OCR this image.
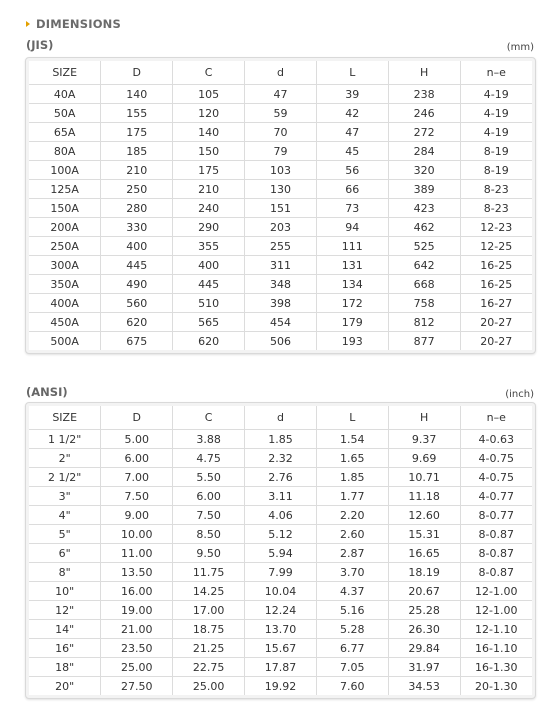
DIMENSIONS
(JIS)	(mm)
SIZE	D	C	d	L	H	n–e
40A	140	105	47	39	238	4-19
50A	155	120	59	42	246	4-19
65A	175	140	70	47	272	4-19
80A	185	150	79	45	284	8-19
100A	210	175	103	56	320	8-19
125A	250	210	130	66	389	8-23
150A	280	240	151	73	423	8-23
200A	330	290	203	94	462	12-23
250A	400	355	255	111	525	12-25
300A	445	400	311	131	642	16-25
350A	490	445	348	134	668	16-25
400A	560	510	398	172	758	16-27
450A	620	565	454	179	812	20-27
500A	675	620	506	193	877	20-27
(ANSI)	(inch)
SIZE	D	C	d	L	H	n–e
1 1/2"	5.00	3.88	1.85	1.54	9.37	4-0.63
2"	6.00	4.75	2.32	1.65	9.69	4-0.75
2 1/2"	7.00	5.50	2.76	1.85	10.71	4-0.75
3"	7.50	6.00	3.11	1.77	11.18	4-0.77
4"	9.00	7.50	4.06	2.20	12.60	8-0.77
5"	10.00	8.50	5.12	2.60	15.31	8-0.87
6"	11.00	9.50	5.94	2.87	16.65	8-0.87
8"	13.50	11.75	7.99	3.70	18.19	8-0.87
10"	16.00	14.25	10.04	4.37	20.67	12-1.00
12"	19.00	17.00	12.24	5.16	25.28	12-1.00
14"	21.00	18.75	13.70	5.28	26.30	12-1.10
16"	23.50	21.25	15.67	6.77	29.84	16-1.10
18"	25.00	22.75	17.87	7.05	31.97	16-1.30
20"	27.50	25.00	19.92	7.60	34.53	20-1.30
